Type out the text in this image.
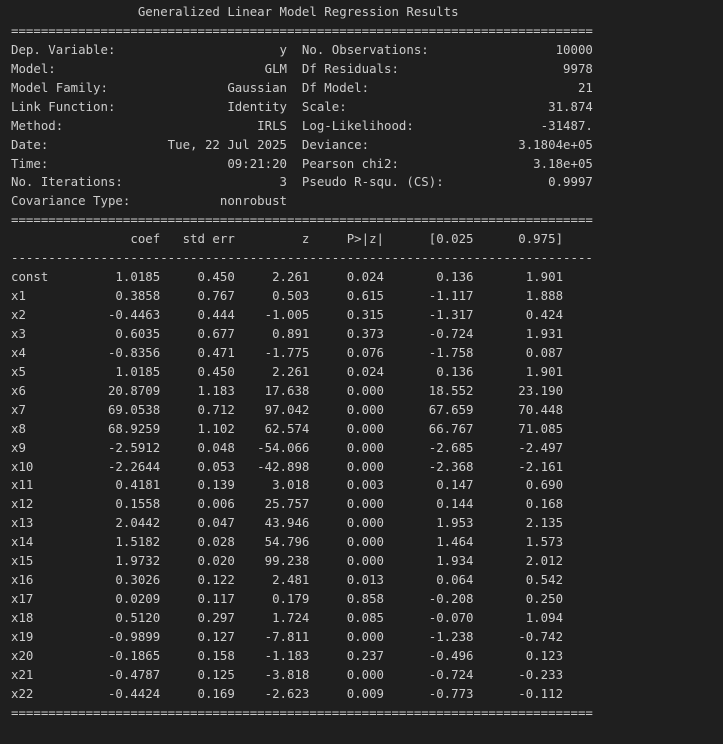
Generalized Linear Model Regression Results
==============================================================================
Dep. Variable:                      y  No. Observations:                 10000
Model:                            GLM  Df Residuals:                      9978
Model Family:                Gaussian  Df Model:                            21
Link Function:               Identity  Scale:                           31.874
Method:                          IRLS  Log-Likelihood:                 -31487.
Date:                Tue, 22 Jul 2025  Deviance:                    3.1804e+05
Time:                        09:21:20  Pearson chi2:                  3.18e+05
No. Iterations:                     3  Pseudo R-squ. (CS):              0.9997
Covariance Type:            nonrobust
==============================================================================
coef   std err         z     P>|z|      [0.025      0.975]
------------------------------------------------------------------------------
const         1.0185     0.450     2.261     0.024       0.136       1.901
x1            0.3858     0.767     0.503     0.615      -1.117       1.888
x2           -0.4463     0.444    -1.005     0.315      -1.317       0.424
x3            0.6035     0.677     0.891     0.373      -0.724       1.931
x4           -0.8356     0.471    -1.775     0.076      -1.758       0.087
x5            1.0185     0.450     2.261     0.024       0.136       1.901
x6           20.8709     1.183    17.638     0.000      18.552      23.190
x7           69.0538     0.712    97.042     0.000      67.659      70.448
x8           68.9259     1.102    62.574     0.000      66.767      71.085
x9           -2.5912     0.048   -54.066     0.000      -2.685      -2.497
x10          -2.2644     0.053   -42.898     0.000      -2.368      -2.161
x11           0.4181     0.139     3.018     0.003       0.147       0.690
x12           0.1558     0.006    25.757     0.000       0.144       0.168
x13           2.0442     0.047    43.946     0.000       1.953       2.135
x14           1.5182     0.028    54.796     0.000       1.464       1.573
x15           1.9732     0.020    99.238     0.000       1.934       2.012
x16           0.3026     0.122     2.481     0.013       0.064       0.542
x17           0.0209     0.117     0.179     0.858      -0.208       0.250
x18           0.5120     0.297     1.724     0.085      -0.070       1.094
x19          -0.9899     0.127    -7.811     0.000      -1.238      -0.742
x20          -0.1865     0.158    -1.183     0.237      -0.496       0.123
x21          -0.4787     0.125    -3.818     0.000      -0.724      -0.233
x22          -0.4424     0.169    -2.623     0.009      -0.773      -0.112
==============================================================================
